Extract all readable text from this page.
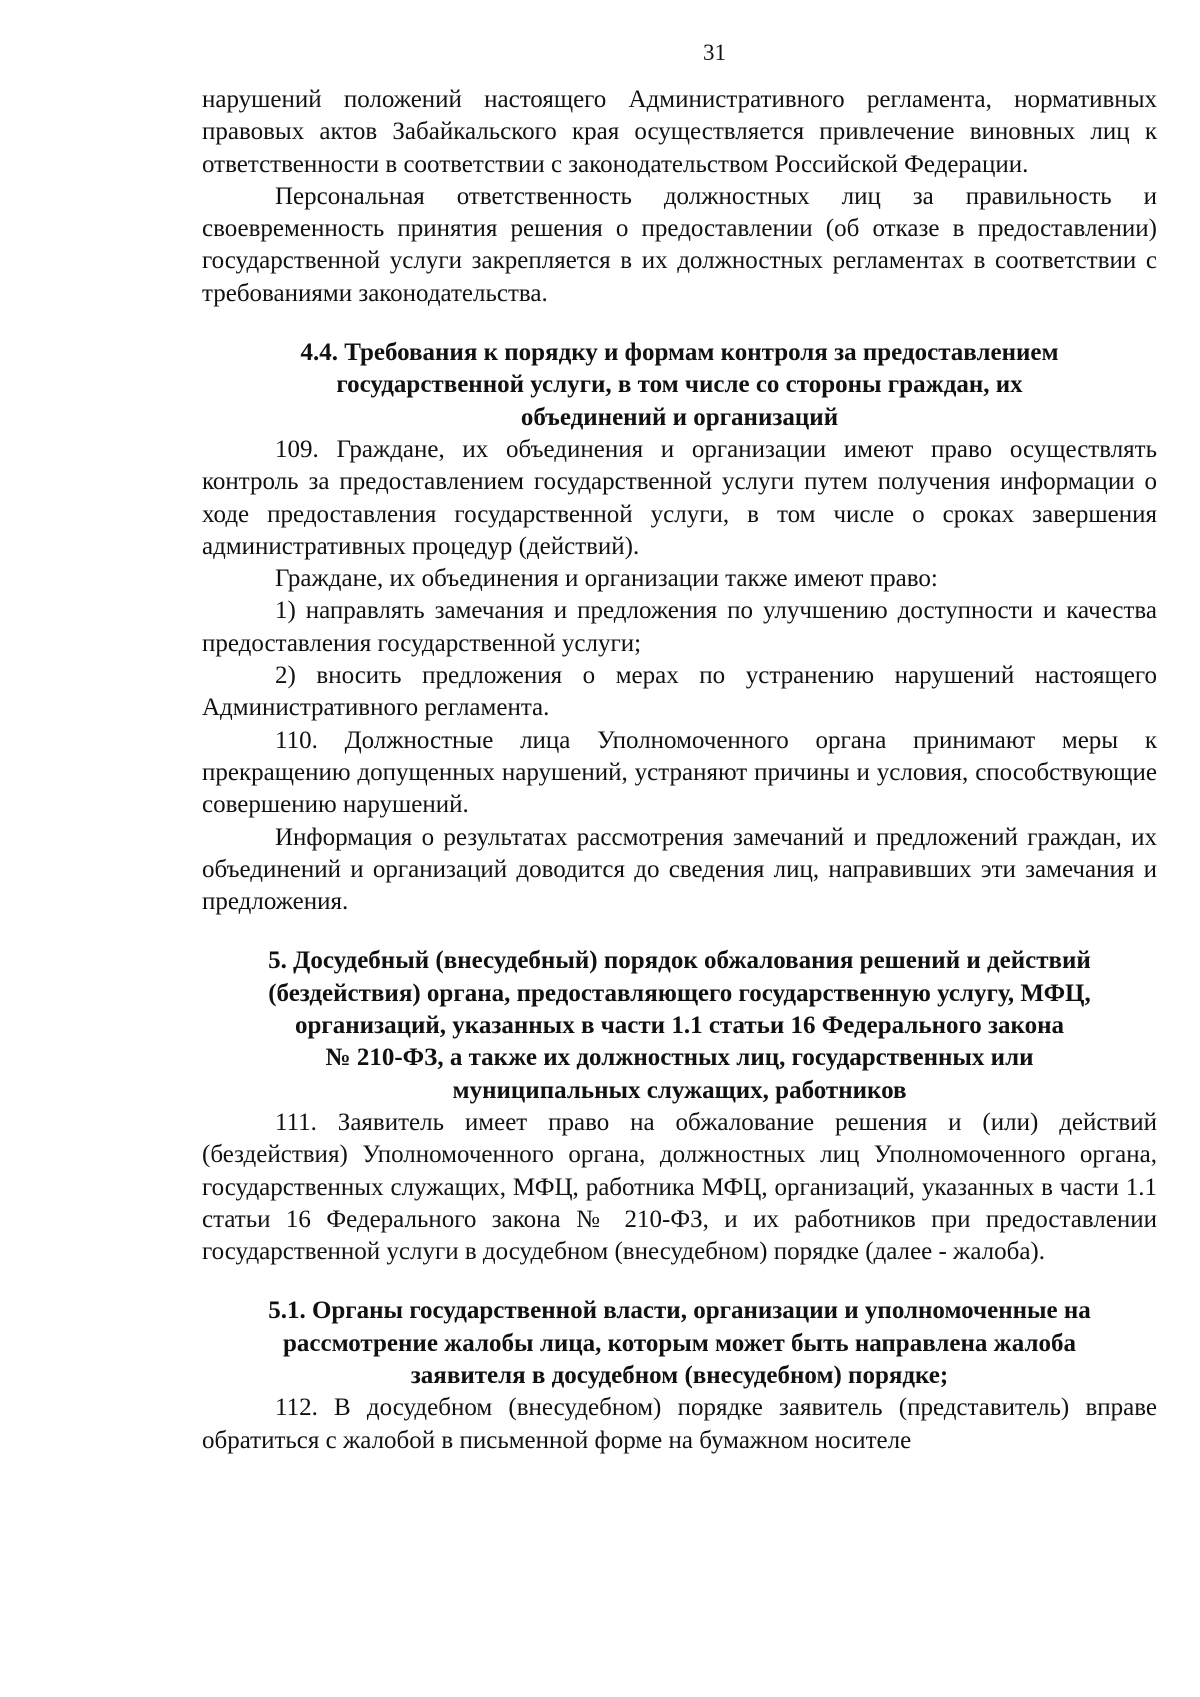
31

нарушений положений настоящего Административного регламента, нормативных правовых актов Забайкальского края осуществляется привлечение виновных лиц к ответственности в соответствии с законодательством Российской Федерации.

Персональная ответственность должностных лиц за правильность и своевременность принятия решения о предоставлении (об отказе в предоставлении) государственной услуги закрепляется в их должностных регламентах в соответствии с требованиями законодательства.

4.4. Требования к порядку и формам контроля за предоставлением
государственной услуги, в том числе со стороны граждан, их
объединений и организаций

109. Граждане, их объединения и организации имеют право осуществлять контроль за предоставлением государственной услуги путем получения информации о ходе предоставления государственной услуги, в том числе о сроках завершения административных процедур (действий).

Граждане, их объединения и организации также имеют право:

1) направлять замечания и предложения по улучшению доступности и качества предоставления государственной услуги;

2) вносить предложения о мерах по устранению нарушений настоящего Административного регламента.

110. Должностные лица Уполномоченного органа принимают меры к прекращению допущенных нарушений, устраняют причины и условия, способствующие совершению нарушений.

Информация о результатах рассмотрения замечаний и предложений граждан, их объединений и организаций доводится до сведения лиц, направивших эти замечания и предложения.

5. Досудебный (внесудебный) порядок обжалования решений и действий
(бездействия) органа, предоставляющего государственную услугу, МФЦ,
организаций, указанных в части 1.1 статьи 16 Федерального закона
№ 210-ФЗ, а также их должностных лиц, государственных или
муниципальных служащих, работников

111. Заявитель имеет право на обжалование решения и (или) действий (бездействия) Уполномоченного органа, должностных лиц Уполномоченного органа, государственных служащих, МФЦ, работника МФЦ, организаций, указанных в части 1.1 статьи 16 Федерального закона № 210-ФЗ, и их работников при предоставлении государственной услуги в досудебном (внесудебном) порядке (далее - жалоба).

5.1. Органы государственной власти, организации и уполномоченные на
рассмотрение жалобы лица, которым может быть направлена жалоба
заявителя в досудебном (внесудебном) порядке;

112. В досудебном (внесудебном) порядке заявитель (представитель) вправе обратиться с жалобой в письменной форме на бумажном носителе
